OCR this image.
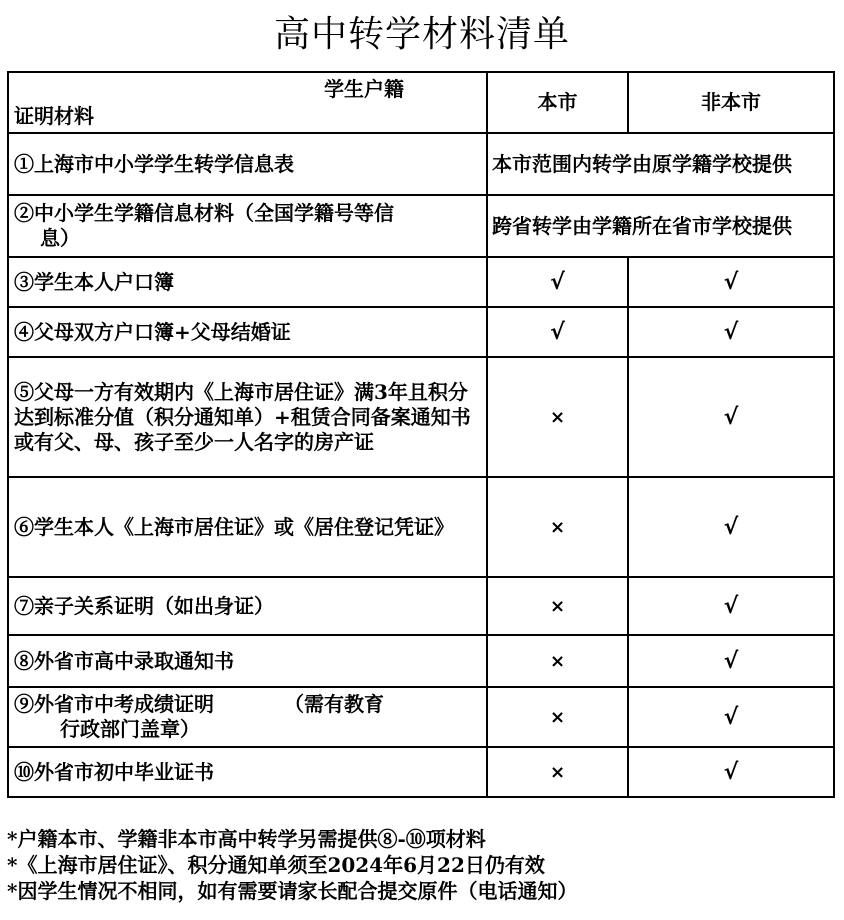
高中转学材料清单
学生户籍
证明材料	本市	非本市
①上海市中小学学生转学信息表	本市范围内转学由原学籍学校提供	

②中小学生学籍信息材料（全国学籍号等信
息）	跨省转学由学籍所在省市学校提供	
③学生本人户口簿	√	√
④父母双方户口簿+父母结婚证	√	√
⑤父母一方有效期内《上海市居住证》满3年且积分达到标准分值（积分通知单）+租赁合同备案通知书或有父、母、孩子至少一人名字的房产证	×	√
⑥学生本人《上海市居住证》或《居住登记凭证》	×	√
⑦亲子关系证明（如出身证）	×	√
⑧外省市高中录取通知书	×	√

⑨外省市中考成绩证明　　　　（需有教育
行政部门盖章）	×	√
⑩外省市初中毕业证书	×	√
*户籍本市、学籍非本市高中转学另需提供⑧-⑩项材料
*《上海市居住证》、积分通知单须至2024年6月22日仍有效
*因学生情况不相同，如有需要请家长配合提交原件（电话通知）
